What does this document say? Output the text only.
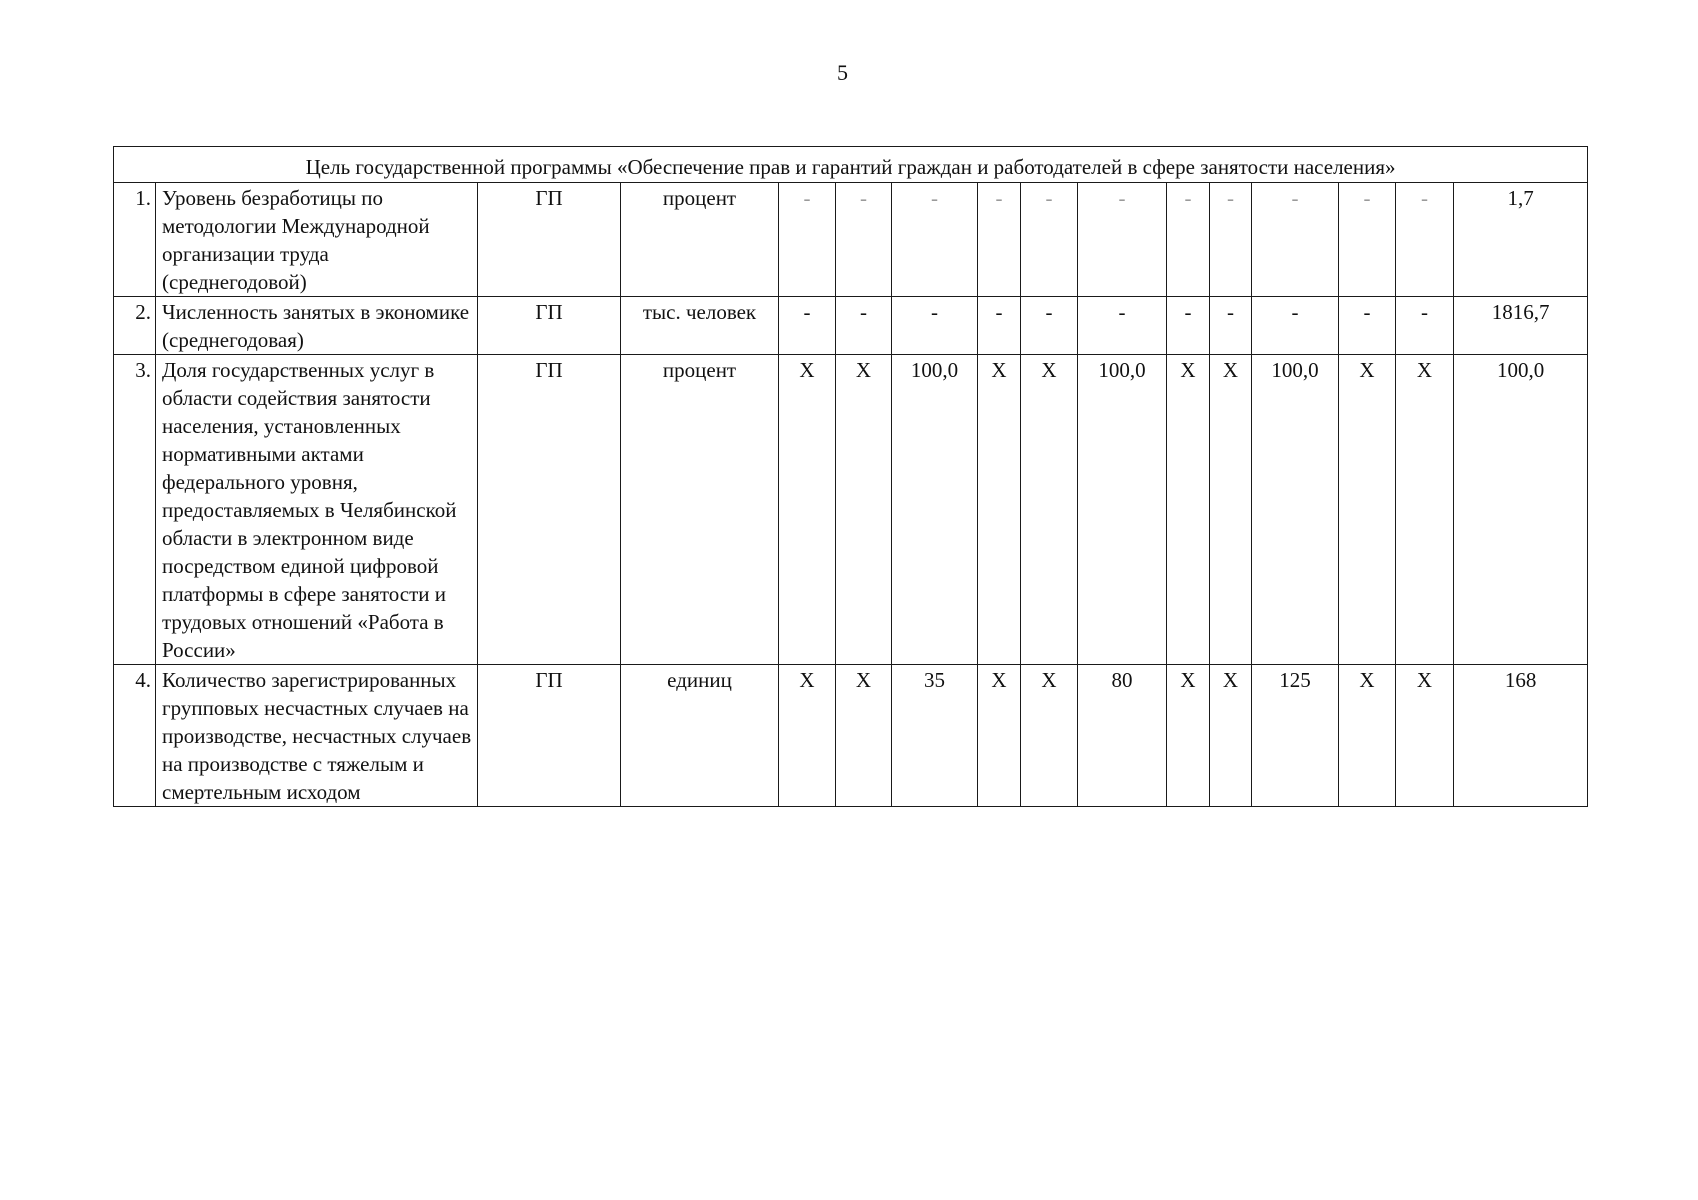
5
Цель государственной программы «Обеспечение прав и гарантий граждан и работодателей в сфере занятости населения»															
1.	Уровень безработицы по методологии Международной организации труда (среднегодовой)	ГП	процент	-	-	-	-	-	-	-	-	-	-	-	1,7
2.	Численность занятых в экономике (среднегодовая)	ГП	тыс. человек	-	-	-	-	-	-	-	-	-	-	-	1816,7
3.	Доля государственных услуг в области содействия занятости населения, установленных нормативными актами федерального уровня, предоставляемых в Челябинской области в электронном виде посредством единой цифровой платформы в сфере занятости и трудовых отношений «Работа в России»	ГП	процент	Х	Х	100,0	Х	Х	100,0	Х	Х	100,0	Х	Х	100,0
4.	Количество зарегистрированных групповых несчастных случаев на производстве, несчастных случаев на производстве с тяжелым и смертельным исходом	ГП	единиц	Х	Х	35	Х	Х	80	Х	Х	125	Х	Х	168
